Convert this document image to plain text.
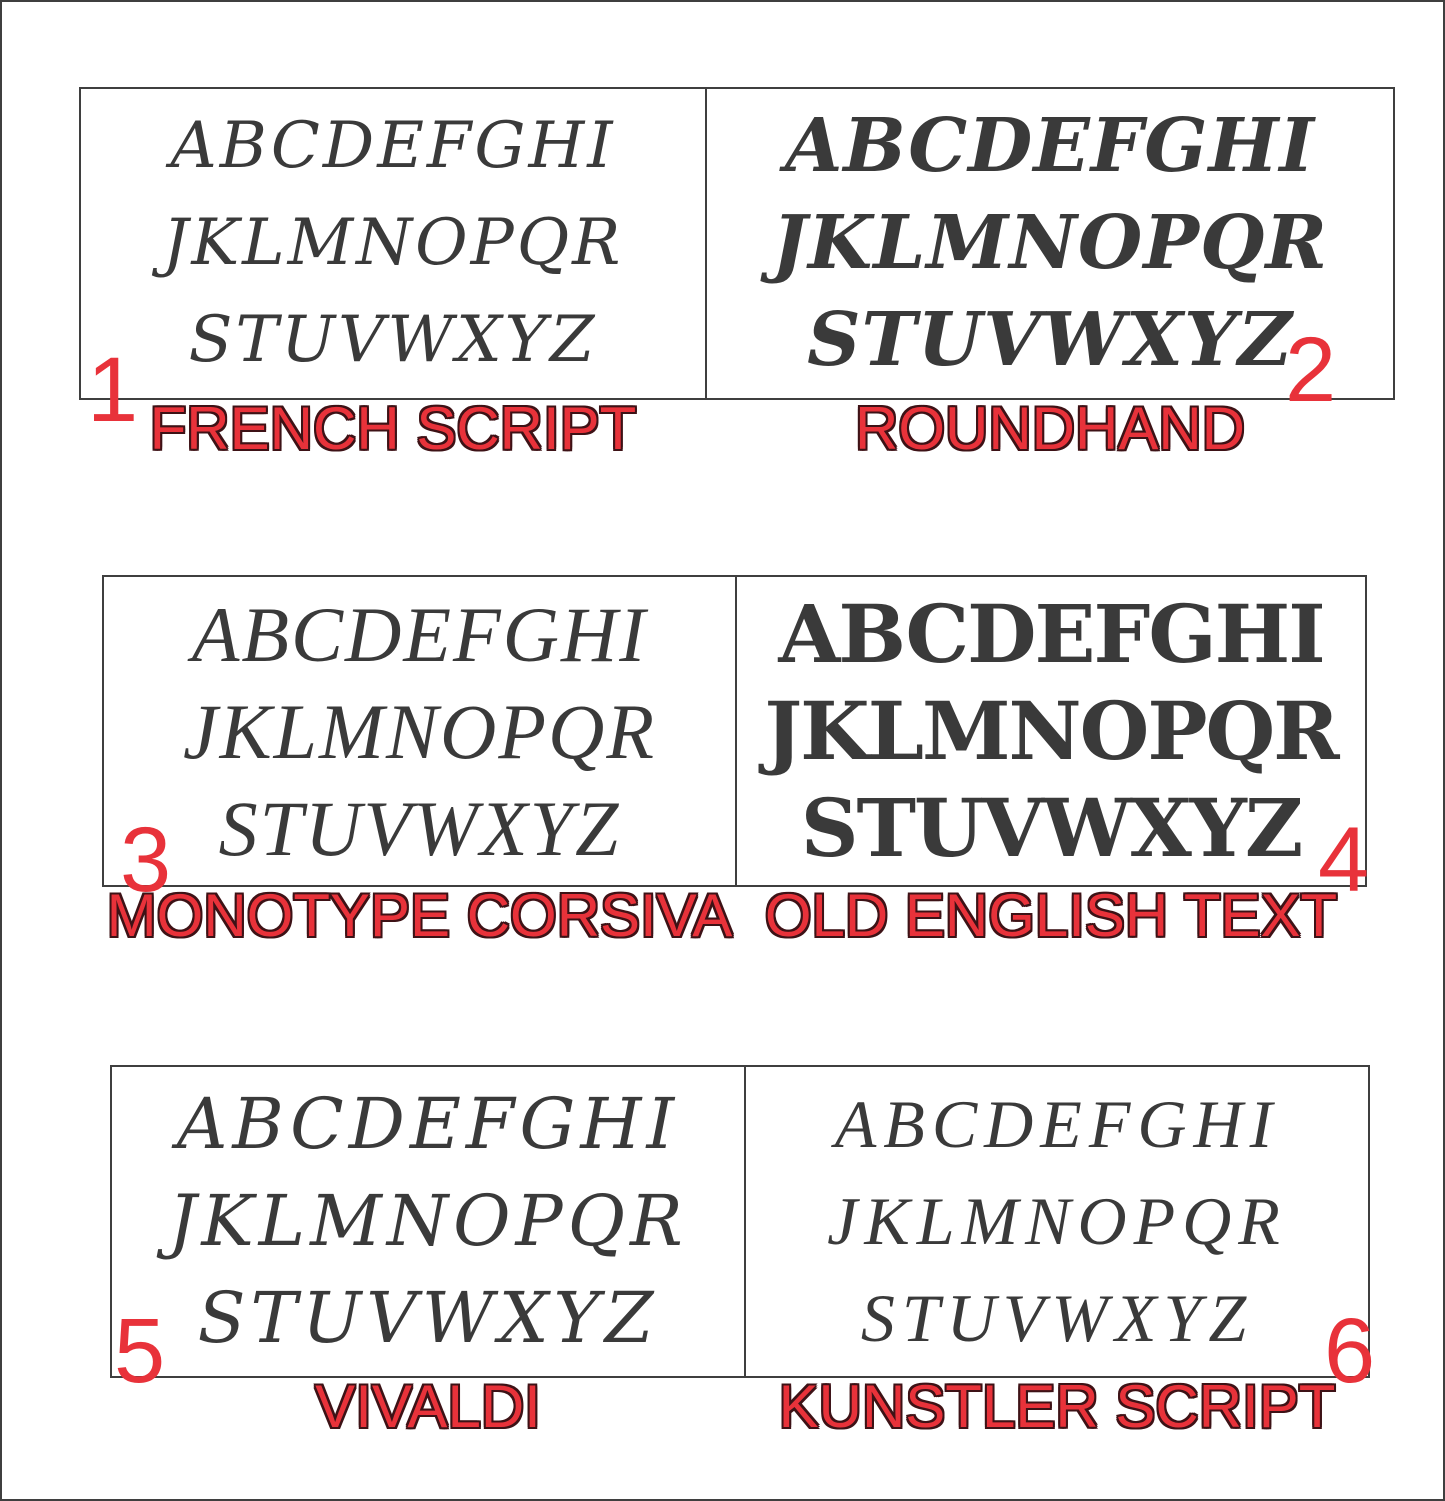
ABCDEFGHI
JKLMNOPQR
STUVWXYZ
1 FRENCH SCRIPT
ABCDEFGHI
JKLMNOPQR
STUVWXYZ
2
ROUNDHAND
ABCDEFGHI
JKLMNOPQR
STUVWXYZ
3
MONOTYPE CORSIVA
ABCDEFGHI
JKLMNOPQR
STUVWXYZ 4
OLD ENGLISH TEXT
ABCDEFGHI
JKLMNOPQR
STUVWXYZ
5
VIVALDI
ABCDEFGHI
JKLMNOPQR
STUVWXYZ 6
KUNSTLER SCRIPT
